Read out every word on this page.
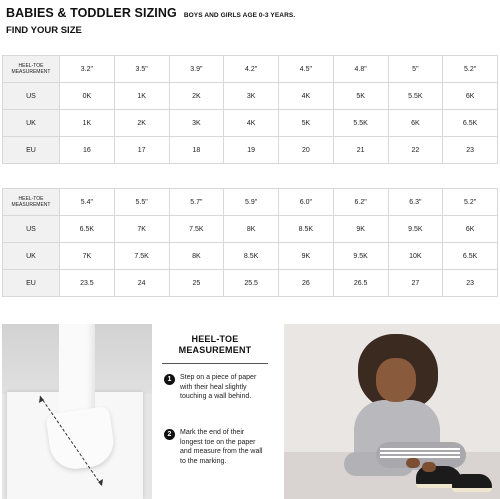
BABIES & TODDLER SIZING BOYS AND GIRLS AGE 0-3 YEARS.
FIND YOUR SIZE
HEEL-TOE MEASUREMENT	3.2"	3.5"	3.9"	4.2"	4.5"	4.8"	5"	5.2"
US	0K	1K	2K	3K	4K	5K	5.5K	6K
UK	1K	2K	3K	4K	5K	5.5K	6K	6.5K
EU	16	17	18	19	20	21	22	23
HEEL-TOE MEASUREMENT	5.4"	5.5"	5.7"	5.9"	6.0"	6.2"	6.3"	5.2"
US	6.5K	7K	7.5K	8K	8.5K	9K	9.5K	6K
UK	7K	7.5K	8K	8.5K	9K	9.5K	10K	6.5K
EU	23.5	24	25	25.5	26	26.5	27	23
HEEL-TOE
MEASUREMENT
1	Step on a piece of paper with their heal slightly touching a wall behind.
2	Mark the end of their longest toe on the paper and measure from the wall to the marking.
